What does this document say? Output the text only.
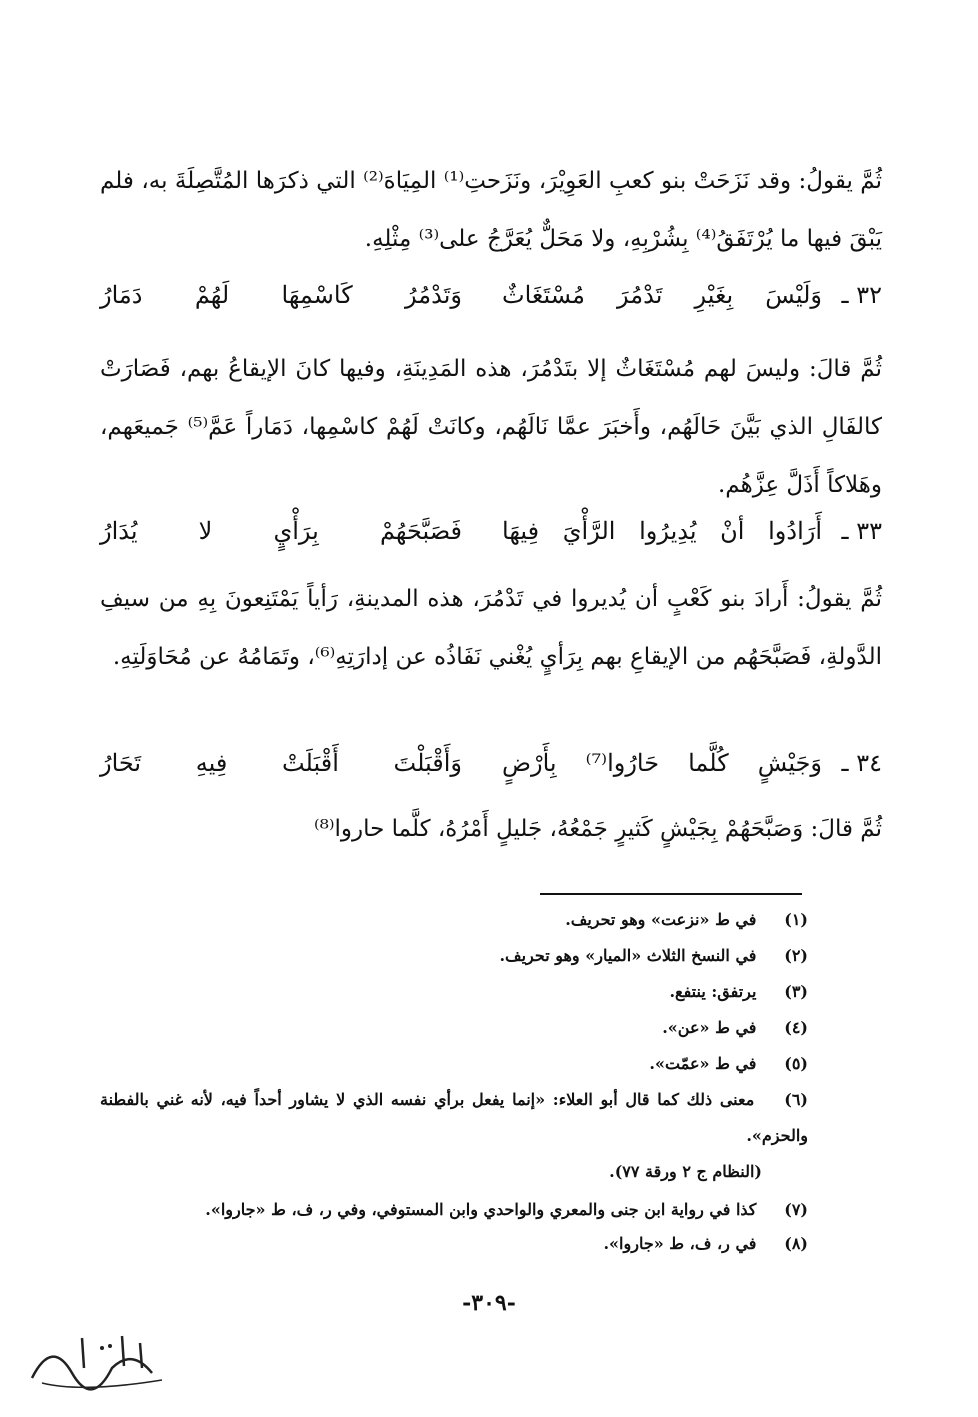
ثُمَّ يقولُ: وقد نَزَحَتْ بنو كعبِ العَوِيْرَ، ونَزَحتِ⁽¹⁾ المِيَاهَ⁽²⁾ التي ذكرَها المُتَّصِلَةَ به، فلم يَبْقَ فيها ما يُرْتَفَقُ⁽⁴⁾ بِشُرْبِهِ، ولا مَحَلٌّ يُعَرَّجُ على⁽³⁾ مِثْلِهِ.

٣٢ ـ
وَلَيْسَ بِغَيْرِ تَدْمُرَ مُسْتَغَاثٌ
وَتَدْمُرُ كَاسْمِهَا لَهُمْ دَمَارُ

ثُمَّ قالَ: وليسَ لهم مُسْتَغَاثٌ إلا بتَدْمُرَ، هذه المَدِينَةِ، وفيها كانَ الإيقاعُ بهم، فَصَارَتْ كالفَالِ الذي بَيَّنَ حَالَهُم، وأَخبَرَ عمَّا نَالَهُم، وكانَتْ لَهُمْ كاسْمِها، دَمَاراً عَمَّ⁽⁵⁾ جَميعَهم، وهَلاكاً أَذَلَّ عِزَّهُم.

٣٣ ـ
أَرَادُوا أنْ يُدِيرُوا الرَّأْيَ فِيهَا
فَصَبَّحَهُمْ بِرَأْيٍ لا يُدَارُ

ثُمَّ يقولُ: أَرادَ بنو كَعْبٍ أن يُديروا في تَدْمُرَ، هذه المدينةِ، رَأياً يَمْتَنِعونَ بِهِ من سيفِ الدَّولةِ، فَصَبَّحَهُم من الإيقاعِ بهم بِرَأيٍ يُغْني نَفَاذُه عن إدارَتِهِ⁽⁶⁾، وتَمَامُهُ عن مُحَاوَلَتِهِ.

٣٤ ـ
وَجَيْشٍ كُلَّما حَارُوا⁽⁷⁾ بِأَرْضٍ
وَأَقْبَلْتَ أَقْبَلَتْ فِيهِ تَحَارُ

ثُمَّ قالَ: وَصَبَّحَهُمْ بِجَيْشٍ كَثيرٍ جَمْعُهُ، جَليلٍ أَمْرُهُ، كلَّما حاروا⁽⁸⁾

(١) في ط «نزعت» وهو تحريف.
(٢) في النسخ الثلاث «الميار» وهو تحريف.
(٣) يرتفق: ينتفع.
(٤) في ط «عن».
(٥) في ط «عمّت».
(٦) معنى ذلك كما قال أبو العلاء: «إنما يفعل برأي نفسه الذي لا يشاور أحداً فيه، لأنه غني بالفطنة والحزم».
(النظام ج ٢ ورقة ٧٧).
(٧) كذا في رواية ابن جنى والمعري والواحدي وابن المستوفي، وفي ر، ف، ط «جاروا».
(٨) في ر، ف، ط «جاروا».
-٣٠٩-
